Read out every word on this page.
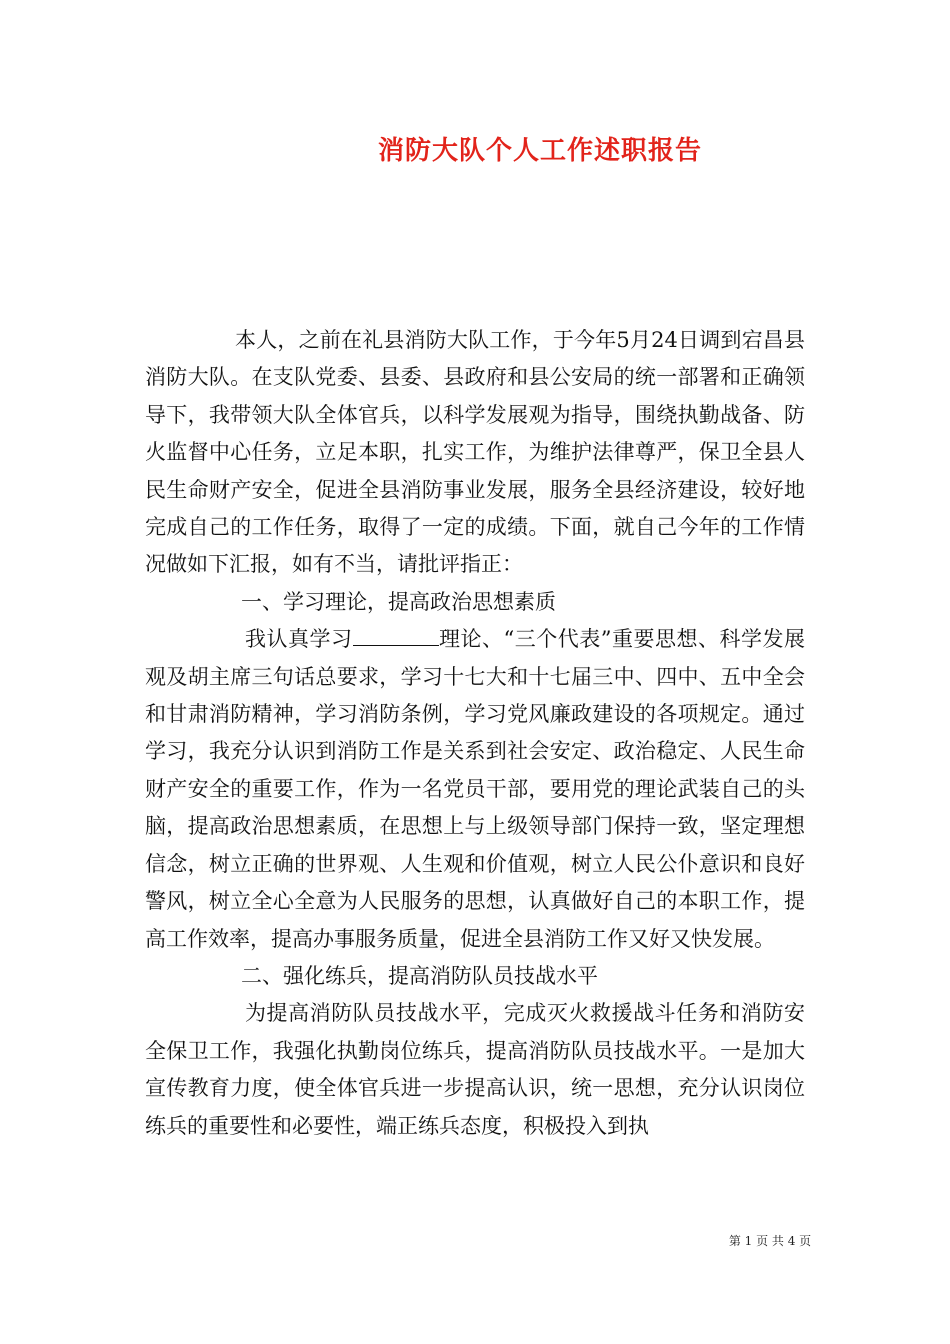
消防大队个人工作述职报告

本人，之前在礼县消防大队工作，于今年5月24日调到宕昌县消防大队。在支队党委、县委、县政府和县公安局的统一部署和正确领导下，我带领大队全体官兵，以科学发展观为指导，围绕执勤战备、防火监督中心任务，立足本职，扎实工作，为维护法律尊严，保卫全县人民生命财产安全，促进全县消防事业发展，服务全县经济建设，较好地完成自己的工作任务，取得了一定的成绩。下面，就自己今年的工作情况做如下汇报，如有不当，请批评指正：

一、学习理论，提高政治思想素质

我认真学习	理论、“三个代表”重要思想、科学发展观及胡主席三句话总要求，学习十七大和十七届三中、四中、五中全会和甘肃消防精神，学习消防条例，学习党风廉政建设的各项规定。通过学习，我充分认识到消防工作是关系到社会安定、政治稳定、人民生命财产安全的重要工作，作为一名党员干部，要用党的理论武装自己的头脑，提高政治思想素质，在思想上与上级领导部门保持一致，坚定理想信念，树立正确的世界观、人生观和价值观，树立人民公仆意识和良好警风，树立全心全意为人民服务的思想，认真做好自己的本职工作，提高工作效率，提高办事服务质量，促进全县消防工作又好又快发展。

二、强化练兵，提高消防队员技战水平

为提高消防队员技战水平，完成灭火救援战斗任务和消防安全保卫工作，我强化执勤岗位练兵，提高消防队员技战水平。一是加大宣传教育力度，使全体官兵进一步提高认识，统一思想，充分认识岗位练兵的重要性和必要性，端正练兵态度，积极投入到执

第 1 页 共 4 页
